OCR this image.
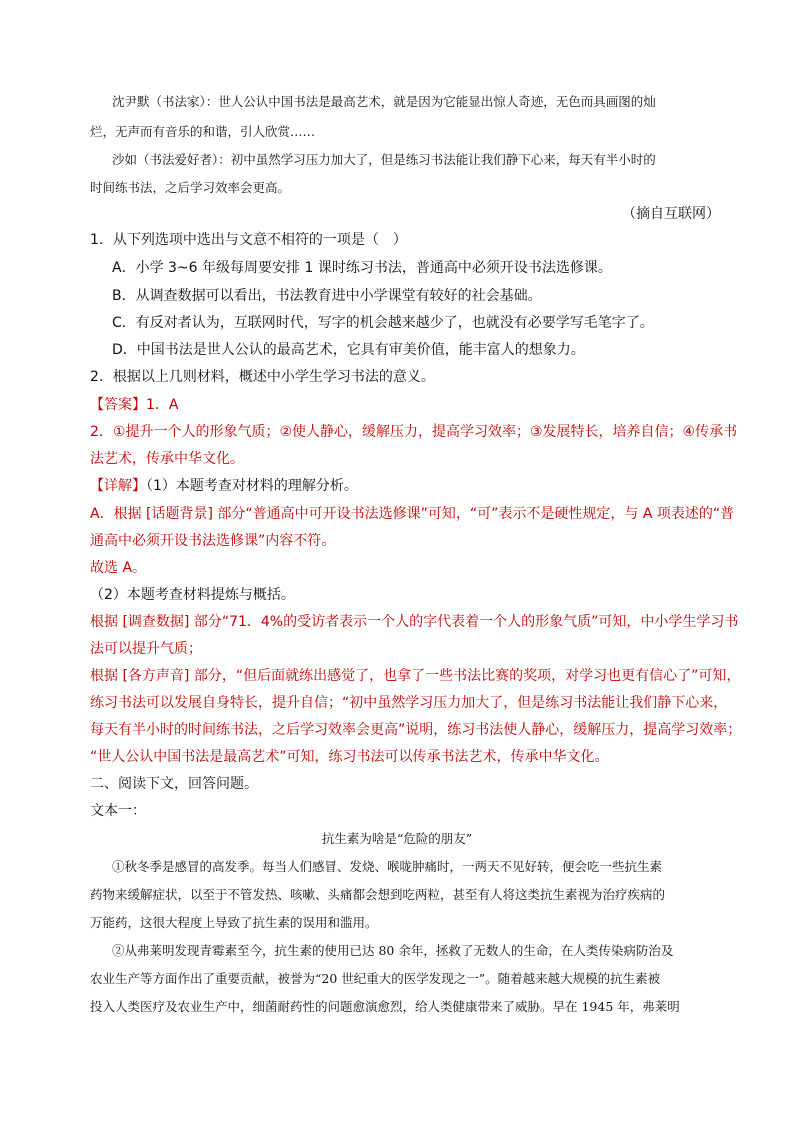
沈尹默（书法家）：世人公认中国书法是最高艺术，就是因为它能显出惊人奇迹，无色而具画图的灿
烂，无声而有音乐的和谐，引人欣赏……
沙如（书法爱好者）：初中虽然学习压力加大了，但是练习书法能让我们静下心来，每天有半小时的
时间练书法，之后学习效率会更高。
（摘自互联网）
1．从下列选项中选出与文意不相符的一项是（　）
A．小学 3~6 年级每周要安排 1 课时练习书法，普通高中必须开设书法选修课。
B．从调查数据可以看出，书法教育进中小学课堂有较好的社会基础。
C．有反对者认为，互联网时代，写字的机会越来越少了，也就没有必要学写毛笔字了。
D．中国书法是世人公认的最高艺术，它具有审美价值，能丰富人的想象力。
2．根据以上几则材料，概述中小学生学习书法的意义。
【答案】1．A
2．①提升一个人的形象气质；②使人静心，缓解压力，提高学习效率；③发展特长，培养自信；④传承书
法艺术，传承中华文化。
【详解】（1）本题考查对材料的理解分析。
A．根据 [话题背景] 部分“普通高中可开设书法选修课”可知，“可”表示不是硬性规定，与 A 项表述的“普
通高中必须开设书法选修课”内容不符。
故选 A。
（2）本题考查材料提炼与概括。
根据 [调查数据] 部分“71．4%的受访者表示一个人的字代表着一个人的形象气质”可知，中小学生学习书
法可以提升气质；
根据 [各方声音] 部分，“但后面就练出感觉了，也拿了一些书法比赛的奖项，对学习也更有信心了”可知，
练习书法可以发展自身特长，提升自信；“初中虽然学习压力加大了，但是练习书法能让我们静下心来，
每天有半小时的时间练书法，之后学习效率会更高”说明，练习书法使人静心，缓解压力，提高学习效率；
“世人公认中国书法是最高艺术”可知，练习书法可以传承书法艺术，传承中华文化。
二、阅读下文，回答问题。
文本一：
抗生素为啥是“危险的朋友”
①秋冬季是感冒的高发季。每当人们感冒、发烧、喉咙肿痛时，一两天不见好转，便会吃一些抗生素
药物来缓解症状，以至于不管发热、咳嗽、头痛都会想到吃两粒，甚至有人将这类抗生素视为治疗疾病的
万能药，这很大程度上导致了抗生素的误用和滥用。
②从弗莱明发现青霉素至今，抗生素的使用已达 80 余年，拯救了无数人的生命，在人类传染病防治及
农业生产等方面作出了重要贡献，被誉为“20 世纪重大的医学发现之一”。随着越来越大规模的抗生素被
投入人类医疗及农业生产中，细菌耐药性的问题愈演愈烈，给人类健康带来了威胁。早在 1945 年，弗莱明
